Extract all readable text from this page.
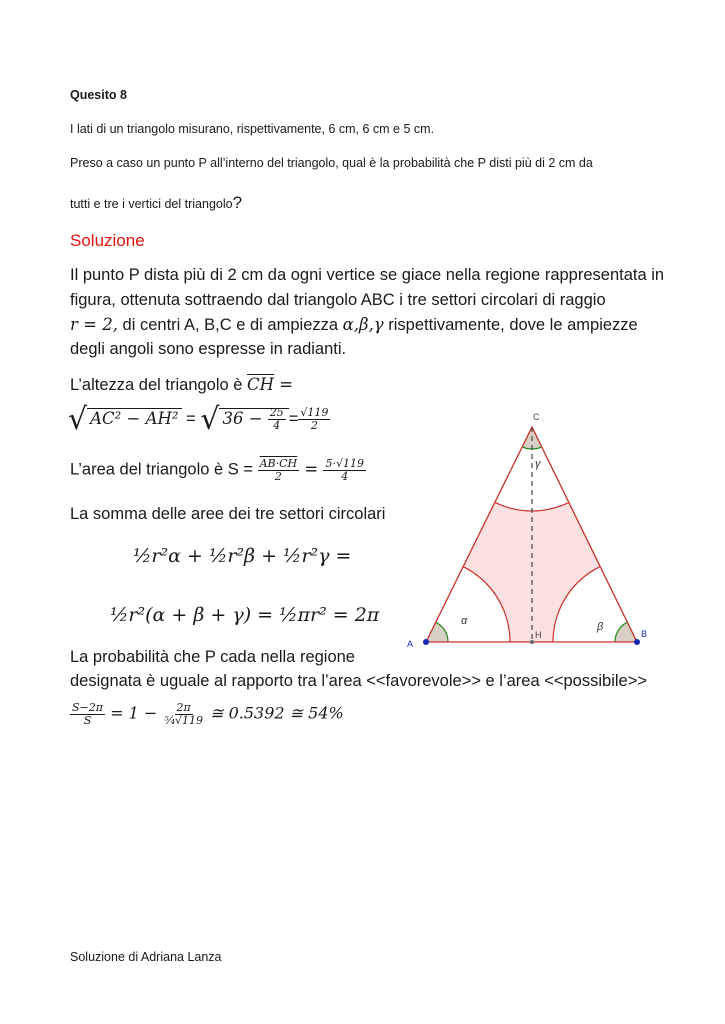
Quesito 8
I lati di un triangolo misurano, rispettivamente, 6 cm, 6 cm e 5 cm.
Preso a caso un punto P all’interno del triangolo, qual è la probabilità che P disti più di 2 cm da
tutti e tre i vertici del triangolo?
Soluzione
Il punto P dista più di 2 cm da ogni vertice se giace nella regione rappresentata in
figura, ottenuta sottraendo dal triangolo ABC i tre settori circolari di raggio
r = 2, di centri A, B,C e di ampiezza α,β,γ rispettivamente, dove le ampiezze
degli angoli sono espresse in radianti.
L’altezza del triangolo è $\overline{CH}$ =
√ AC² − AH² = √ $36 - \frac{25}{4} = \frac{√119}{2}$
L’area del triangolo è $S = \frac{AB\cdot CH}{2} = \frac{5\cdot√119}{4}$
La somma delle aree dei tre settori circolari
½r²α + ½r²β + ½r²γ =
½r²(α + β + γ) = ½πr² = 2π
La probabilità che P cada nella regione
designata è uguale al rapporto tra l’area <<favorevole>> e l’area <<possibile>>
$\frac{S-2\pi}{S} = 1 - \frac{2\pi}{\text{⁵⁄₄√119}}$ ≅ 0.5392 ≅ 54%
A
B
C
H
α	β
γ
Soluzione di Adriana Lanza
